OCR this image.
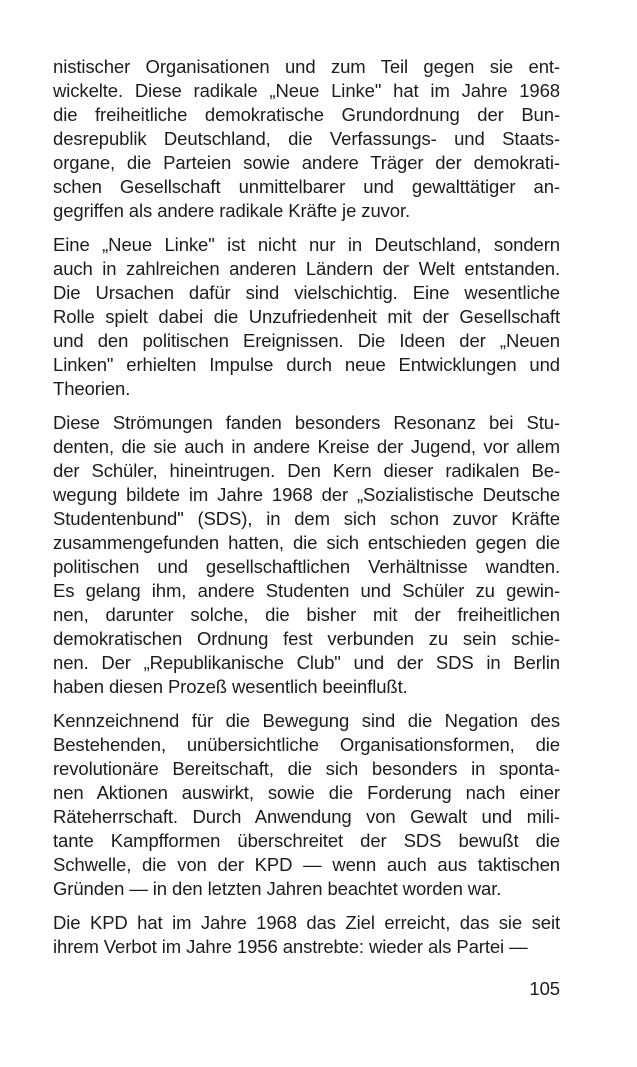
nistischer Organisationen und zum Teil gegen sie ent-
wickelte. Diese radikale „Neue Linke" hat im Jahre 1968
die freiheitliche demokratische Grundordnung der Bun-
desrepublik Deutschland, die Verfassungs- und Staats-
organe, die Parteien sowie andere Träger der demokrati-
schen Gesellschaft unmittelbarer und gewalttätiger an-
gegriffen als andere radikale Kräfte je zuvor.
Eine „Neue Linke" ist nicht nur in Deutschland, sondern
auch in zahlreichen anderen Ländern der Welt entstanden.
Die Ursachen dafür sind vielschichtig. Eine wesentliche
Rolle spielt dabei die Unzufriedenheit mit der Gesellschaft
und den politischen Ereignissen. Die Ideen der „Neuen
Linken" erhielten Impulse durch neue Entwicklungen und
Theorien.
Diese Strömungen fanden besonders Resonanz bei Stu-
denten, die sie auch in andere Kreise der Jugend, vor allem
der Schüler, hineintrugen. Den Kern dieser radikalen Be-
wegung bildete im Jahre 1968 der „Sozialistische Deutsche
Studentenbund" (SDS), in dem sich schon zuvor Kräfte
zusammengefunden hatten, die sich entschieden gegen die
politischen und gesellschaftlichen Verhältnisse wandten.
Es gelang ihm, andere Studenten und Schüler zu gewin-
nen, darunter solche, die bisher mit der freiheitlichen
demokratischen Ordnung fest verbunden zu sein schie-
nen. Der „Republikanische Club" und der SDS in Berlin
haben diesen Prozeß wesentlich beeinflußt.
Kennzeichnend für die Bewegung sind die Negation des
Bestehenden, unübersichtliche Organisationsformen, die
revolutionäre Bereitschaft, die sich besonders in sponta-
nen Aktionen auswirkt, sowie die Forderung nach einer
Räteherrschaft. Durch Anwendung von Gewalt und mili-
tante Kampfformen überschreitet der SDS bewußt die
Schwelle, die von der KPD — wenn auch aus taktischen
Gründen — in den letzten Jahren beachtet worden war.
Die KPD hat im Jahre 1968 das Ziel erreicht, das sie seit
ihrem Verbot im Jahre 1956 anstrebte: wieder als Partei —
105
